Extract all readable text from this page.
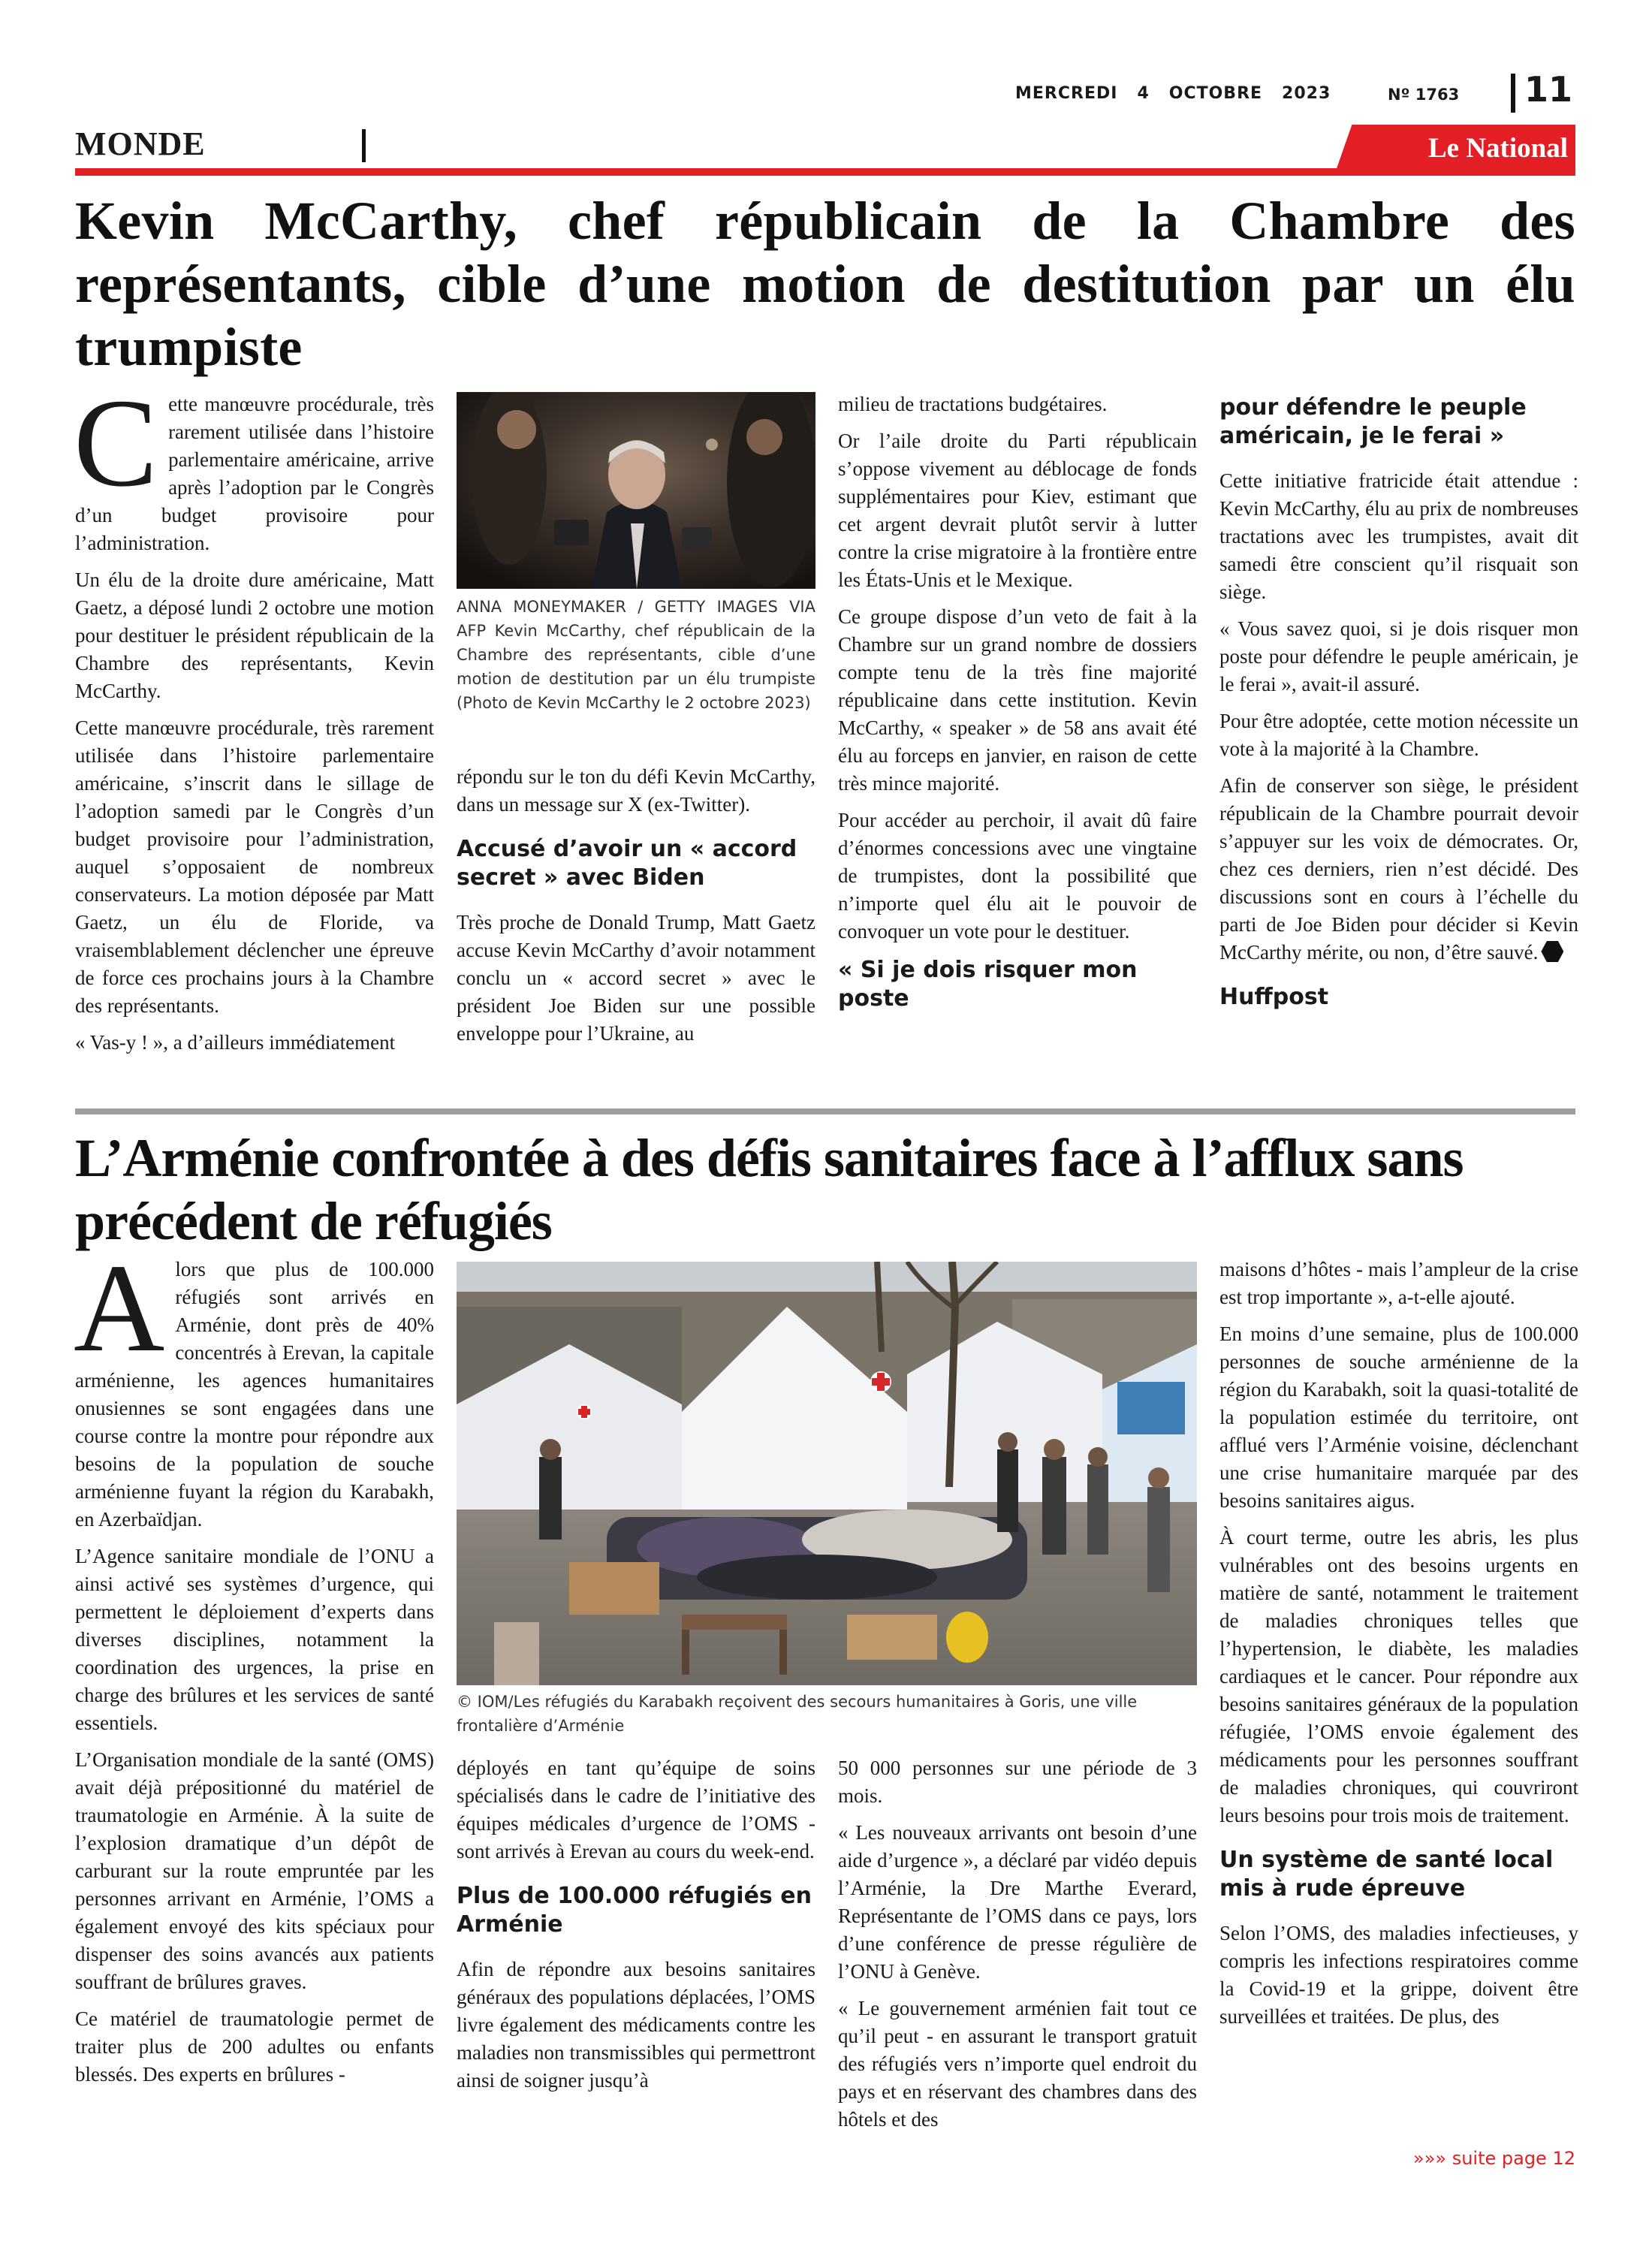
MERCREDI 4 OCTOBRE 2023	Nº 1763 11
MONDE	Le National
Kevin McCarthy, chef républicain de la Chambre des représentants, cible d’une motion de destitution par un élu trumpiste

Cette manœuvre procédurale, très rarement utilisée dans l’histoire parlementaire américaine, arrive après l’adoption par le Congrès d’un budget provisoire pour l’administration.

Un élu de la droite dure américaine, Matt Gaetz, a déposé lundi 2 octobre une motion pour destituer le président républicain de la Chambre des représentants, Kevin McCarthy.

Cette manœuvre procédurale, très rarement utilisée dans l’histoire parlementaire américaine, s’inscrit dans le sillage de l’adoption samedi par le Congrès d’un budget provisoire pour l’administration, auquel s’opposaient de nombreux conservateurs. La motion déposée par Matt Gaetz, un élu de Floride, va vraisemblablement déclencher une épreuve de force ces prochains jours à la Chambre des représentants.

« Vas-y ! », a d’ailleurs immédiatement

ANNA MONEYMAKER / GETTY IMAGES VIA AFP Kevin McCarthy, chef républicain de la Chambre des représentants, cible d’une motion de destitution par un élu trumpiste (Photo de Kevin McCarthy le 2 octobre 2023)

répondu sur le ton du défi Kevin McCarthy, dans un message sur X (ex-Twitter).

Accusé d’avoir un « accord secret » avec Biden

Très proche de Donald Trump, Matt Gaetz accuse Kevin McCarthy d’avoir notamment conclu un « accord secret » avec le président Joe Biden sur une possible enveloppe pour l’Ukraine, au

milieu de tractations budgétaires.

Or l’aile droite du Parti républicain s’oppose vivement au déblocage de fonds supplémentaires pour Kiev, estimant que cet argent devrait plutôt servir à lutter contre la crise migratoire à la frontière entre les États-Unis et le Mexique.

Ce groupe dispose d’un veto de fait à la Chambre sur un grand nombre de dossiers compte tenu de la très fine majorité républicaine dans cette institution. Kevin McCarthy, « speaker » de 58 ans avait été élu au forceps en janvier, en raison de cette très mince majorité.

Pour accéder au perchoir, il avait dû faire d’énormes concessions avec une vingtaine de trumpistes, dont la possibilité que n’importe quel élu ait le pouvoir de convoquer un vote pour le destituer.

« Si je dois risquer mon poste
pour défendre le peuple américain, je le ferai »

Cette initiative fratricide était attendue : Kevin McCarthy, élu au prix de nombreuses tractations avec les trumpistes, avait dit samedi être conscient qu’il risquait son siège.

« Vous savez quoi, si je dois risquer mon poste pour défendre le peuple américain, je le ferai », avait-il assuré.

Pour être adoptée, cette motion nécessite un vote à la majorité à la Chambre.

Afin de conserver son siège, le président républicain de la Chambre pourrait devoir s’appuyer sur les voix de démocrates. Or, chez ces derniers, rien n’est décidé. Des discussions sont en cours à l’échelle du parti de Joe Biden pour décider si Kevin McCarthy mérite, ou non, d’être sauvé.

Huffpost
L’Arménie confrontée à des défis sanitaires face à l’afflux sans précédent de réfugiés

Alors que plus de 100.000 réfugiés sont arrivés en Arménie, dont près de 40% concentrés à Erevan, la capitale arménienne, les agences humanitaires onusiennes se sont engagées dans une course contre la montre pour répondre aux besoins de la population de souche arménienne fuyant la région du Karabakh, en Azerbaïdjan.

L’Agence sanitaire mondiale de l’ONU a ainsi activé ses systèmes d’urgence, qui permettent le déploiement d’experts dans diverses disciplines, notamment la coordination des urgences, la prise en charge des brûlures et les services de santé essentiels.

L’Organisation mondiale de la santé (OMS) avait déjà prépositionné du matériel de traumatologie en Arménie. À la suite de l’explosion dramatique d’un dépôt de carburant sur la route empruntée par les personnes arrivant en Arménie, l’OMS a également envoyé des kits spéciaux pour dispenser des soins avancés aux patients souffrant de brûlures graves.

Ce matériel de traumatologie permet de traiter plus de 200 adultes ou enfants blessés. Des experts en brûlures -

© IOM/Les réfugiés du Karabakh reçoivent des secours humanitaires à Goris, une ville frontalière d’Arménie

déployés en tant qu’équipe de soins spécialisés dans le cadre de l’initiative des équipes médicales d’urgence de l’OMS - sont arrivés à Erevan au cours du week-end.

Plus de 100.000 réfugiés en Arménie

Afin de répondre aux besoins sanitaires généraux des populations déplacées, l’OMS livre également des médicaments contre les maladies non transmissibles qui permettront ainsi de soigner jusqu’à

50 000 personnes sur une période de 3 mois.

« Les nouveaux arrivants ont besoin d’une aide d’urgence », a déclaré par vidéo depuis l’Arménie, la Dre Marthe Everard, Représentante de l’OMS dans ce pays, lors d’une conférence de presse régulière de l’ONU à Genève.

« Le gouvernement arménien fait tout ce qu’il peut - en assurant le transport gratuit des réfugiés vers n’importe quel endroit du pays et en réservant des chambres dans des hôtels et des

maisons d’hôtes - mais l’ampleur de la crise est trop importante », a-t-elle ajouté.

En moins d’une semaine, plus de 100.000 personnes de souche arménienne de la région du Karabakh, soit la quasi-totalité de la population estimée du territoire, ont afflué vers l’Arménie voisine, déclenchant une crise humanitaire marquée par des besoins sanitaires aigus.

À court terme, outre les abris, les plus vulnérables ont des besoins urgents en matière de santé, notamment le traitement de maladies chroniques telles que l’hypertension, le diabète, les maladies cardiaques et le cancer. Pour répondre aux besoins sanitaires généraux de la population réfugiée, l’OMS envoie également des médicaments pour les personnes souffrant de maladies chroniques, qui couvriront leurs besoins pour trois mois de traitement.

Un système de santé local mis à rude épreuve

Selon l’OMS, des maladies infectieuses, y compris les infections respiratoires comme la Covid-19 et la grippe, doivent être surveillées et traitées. De plus, des

»»» suite page 12
